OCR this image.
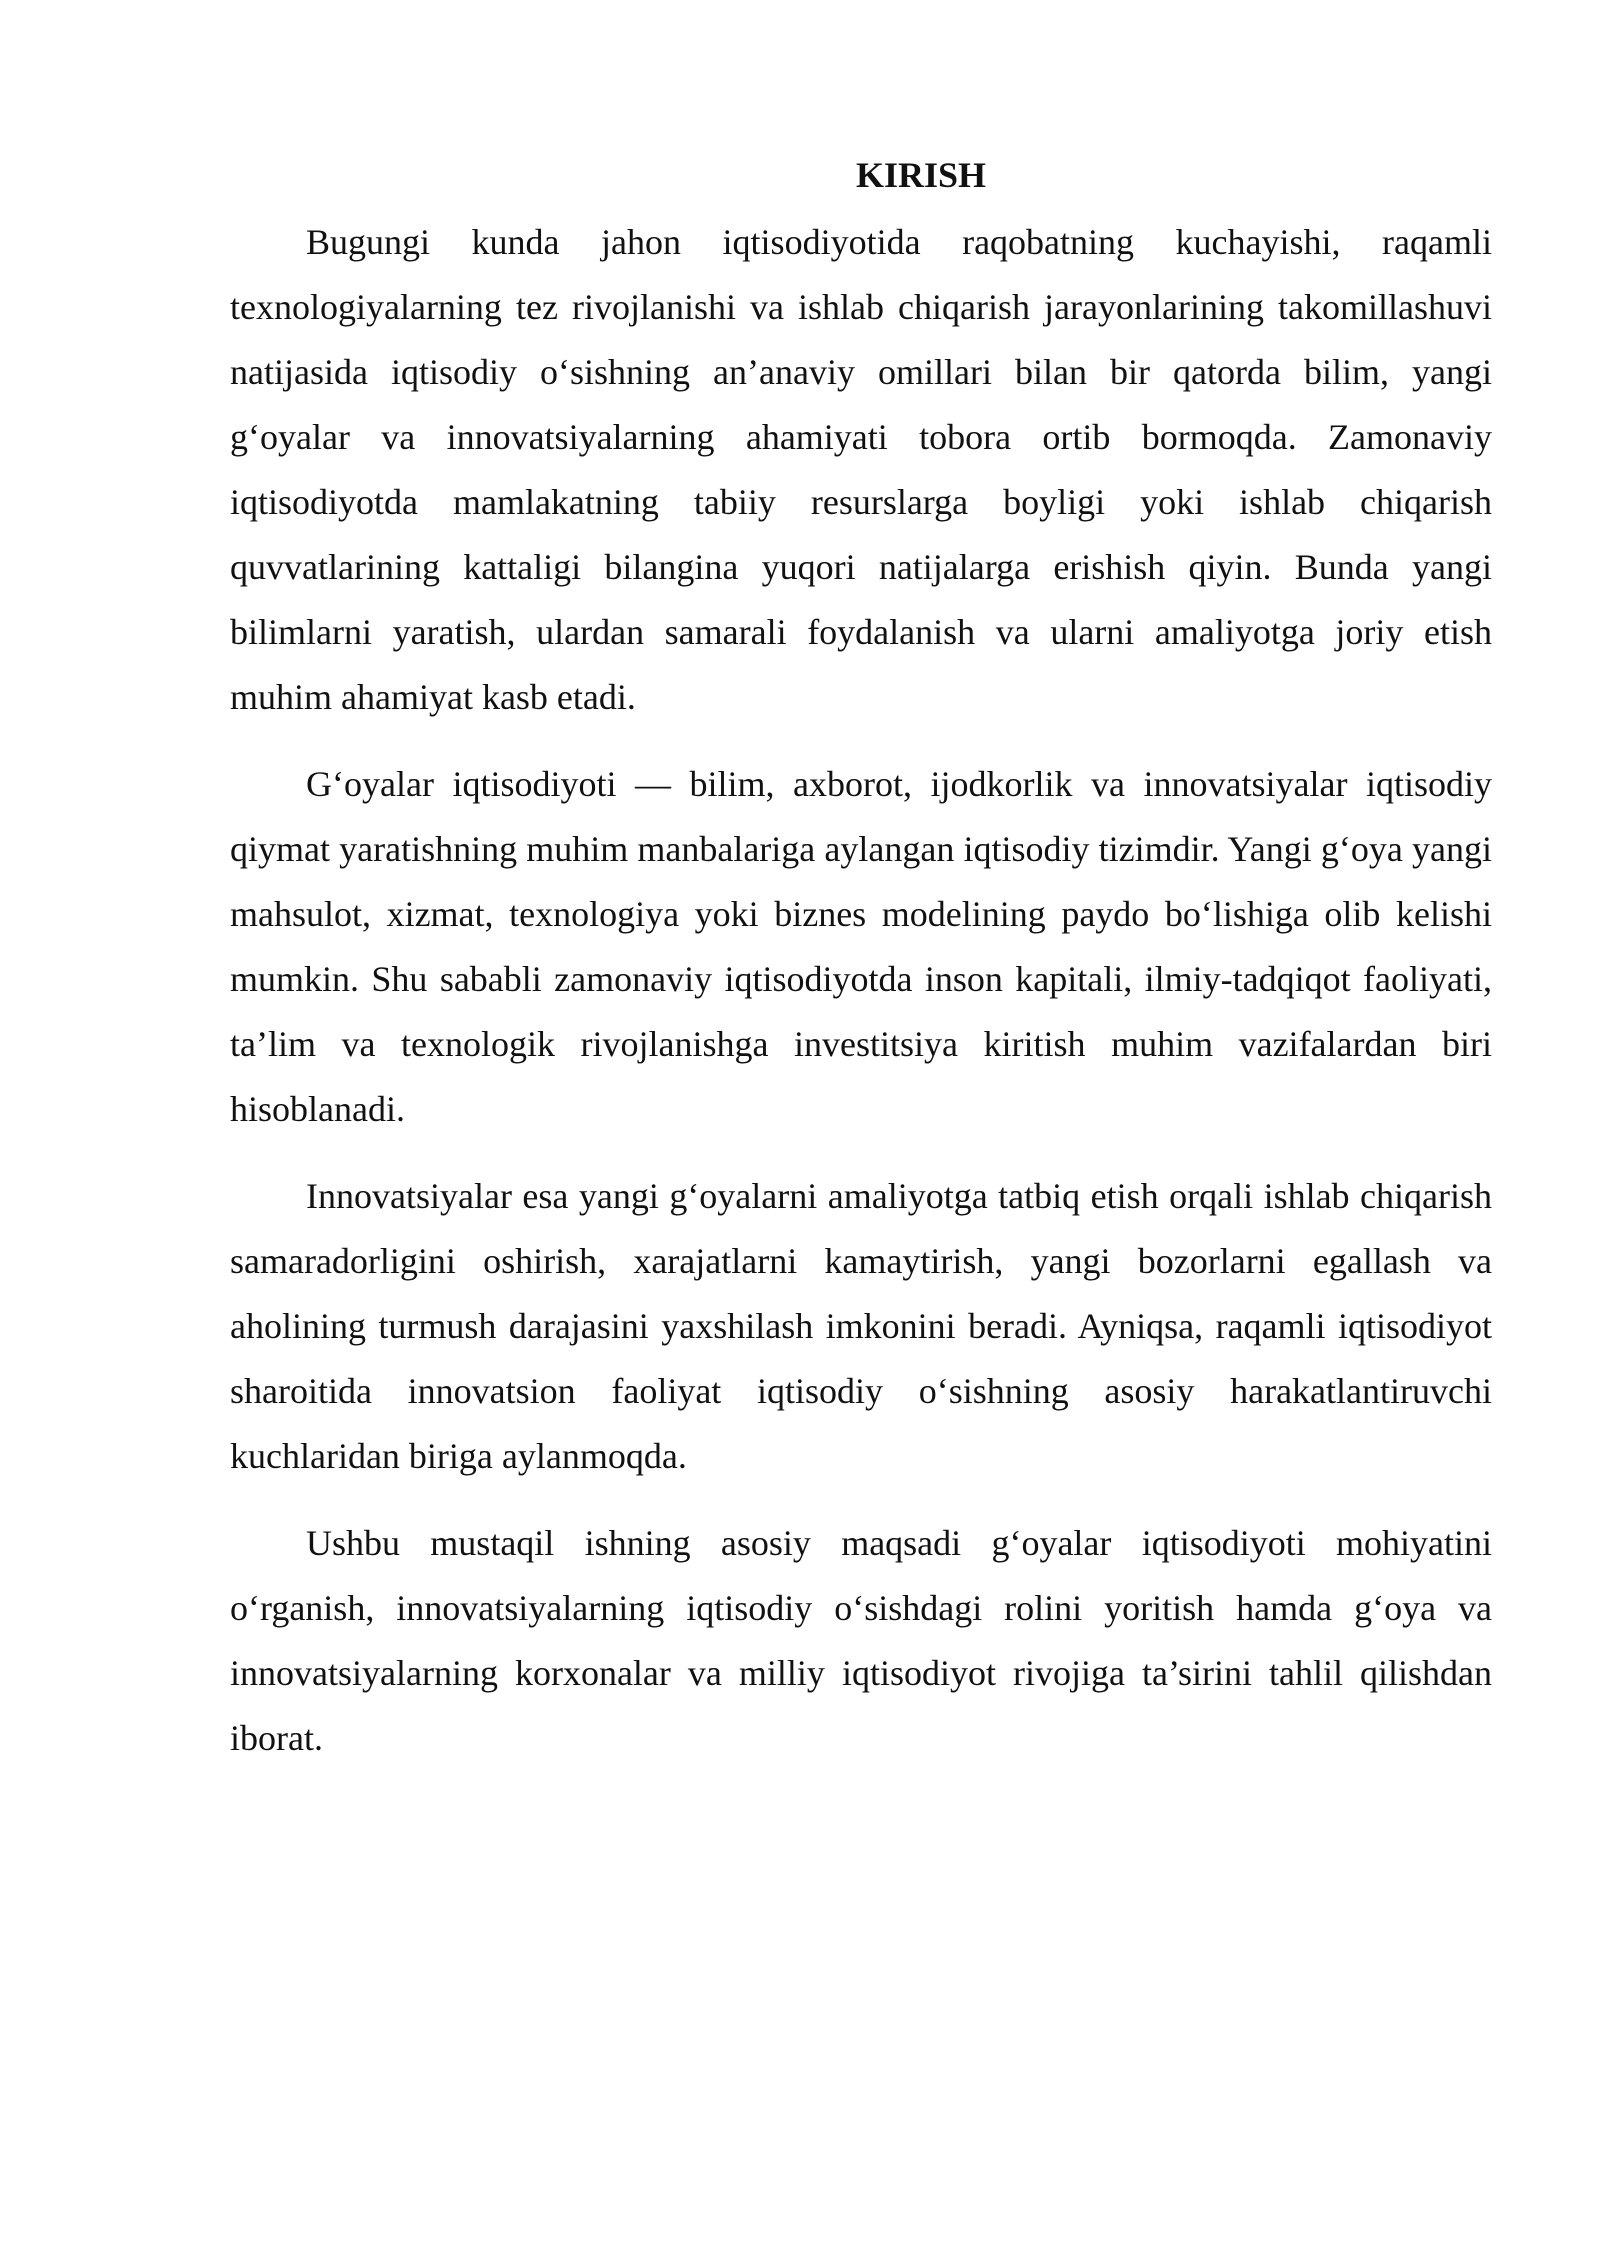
KIRISH

Bugungi kunda jahon iqtisodiyotida raqobatning kuchayishi, raqamli texnologiyalarning tez rivojlanishi va ishlab chiqarish jarayonlarining takomillashuvi natijasida iqtisodiy o‘sishning an’anaviy omillari bilan bir qatorda bilim, yangi g‘oyalar va innovatsiyalarning ahamiyati tobora ortib bormoqda. Zamonaviy iqtisodiyotda mamlakatning tabiiy resurslarga boyligi yoki ishlab chiqarish quvvatlarining kattaligi bilangina yuqori natijalarga erishish qiyin. Bunda yangi bilimlarni yaratish, ulardan samarali foydalanish va ularni amaliyotga joriy etish muhim ahamiyat kasb etadi.

G‘oyalar iqtisodiyoti — bilim, axborot, ijodkorlik va innovatsiyalar iqtisodiy qiymat yaratishning muhim manbalariga aylangan iqtisodiy tizimdir. Yangi g‘oya yangi mahsulot, xizmat, texnologiya yoki biznes modelining paydo bo‘lishiga olib kelishi mumkin. Shu sababli zamonaviy iqtisodiyotda inson kapitali, ilmiy-tadqiqot faoliyati, ta’lim va texnologik rivojlanishga investitsiya kiritish muhim vazifalardan biri hisoblanadi.

Innovatsiyalar esa yangi g‘oyalarni amaliyotga tatbiq etish orqali ishlab chiqarish samaradorligini oshirish, xarajatlarni kamaytirish, yangi bozorlarni egallash va aholining turmush darajasini yaxshilash imkonini beradi. Ayniqsa, raqamli iqtisodiyot sharoitida innovatsion faoliyat iqtisodiy o‘sishning asosiy harakatlantiruvchi kuchlaridan biriga aylanmoqda.

Ushbu mustaqil ishning asosiy maqsadi g‘oyalar iqtisodiyoti mohiyatini o‘rganish, innovatsiyalarning iqtisodiy o‘sishdagi rolini yoritish hamda g‘oya va innovatsiyalarning korxonalar va milliy iqtisodiyot rivojiga ta’sirini tahlil qilishdan iborat.
